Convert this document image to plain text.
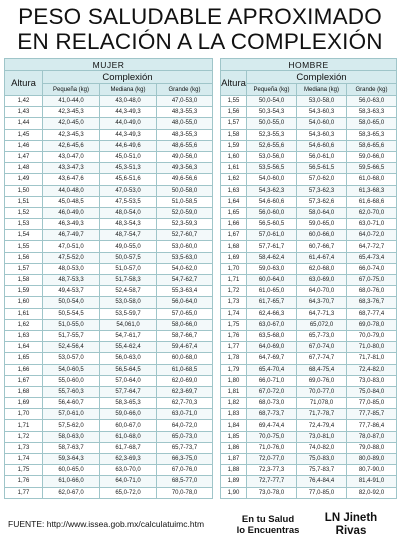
PESO SALUDABLE APROXIMADO
EN RELACIÓN A LA COMPLEXIÓN
MUJER			
Altura	Complexión		
	Pequeña (kg)	Mediana (kg)	Grande (kg)
1,42	41,0-44,0	43,0-48,0	47,0-53,0
1,43	42,3-45,3	44,3-49,3	48,3-55,3
1,44	42,0-45,0	44,0-49,0	48,0-55,0
1,45	42,3-45,3	44,3-49,3	48,3-55,3
1,46	42,6-45,6	44,6-49,6	48,6-55,6
1,47	43,0-47,0	45,0-51,0	49,0-56,0
1,48	43,3-47,3	45,3-51,3	49,3-56,3
1,49	43,6-47,6	45,6-51,6	49,6-56,6
1,50	44,0-48,0	47,0-53,0	50,0-58,0
1,51	45,0-48,5	47,5-53,5	51,0-58,5
1,52	46,0-49,0	48,0-54,0	52,0-59,0
1,53	46,3-49,3	48,3-54,3	52,3-59,3
1,54	46,7-49,7	48,7-54,7	52,7-60,7
1,55	47,0-51,0	49,0-55,0	53,0-60,0
1,56	47,5-52,0	50,0-57,5	53,5-63,0
1,57	48,0-53,0	51,0-57,0	54,0-62,0
1,58	48,7-53,3	51,7-58,3	54,7-62,7
1,59	49,4-53,7	52,4-58,7	55,3-63,4
1,60	50,0-54,0	53,0-58,0	56,0-64,0
1,61	50,5-54,5	53,5-59,7	57,0-65,0
1,62	51,0-55,0	54,061,0	58,0-66,0
1,63	51,7-55,7	54,7-61,7	58,7-66,7
1,64	52,4-56,4	55,4-62,4	59,4-67,4
1,65	53,0-57,0	56,0-63,0	60,0-68,0
1,66	54,0-60,5	56,5-64,5	61,0-68,5
1,67	55,0-60,0	57,0-64,0	62,0-69,0
1,68	55,7-60,3	57,7-64,7	62,3-69,7
1,69	56,4-60,7	58,3-65,3	62,7-70,3
1,70	57,0-61,0	59,0-66,0	63,0-71,0
1,71	57,5-62,0	60,0-67,0	64,0-72,0
1,72	58,0-63,0	61,0-68,0	65,0-73,0
1,73	58,7-63,7	61,7-68,7	65,7-73,7
1,74	59,3-64,3	62,3-69,3	66,3-75,0
1,75	60,0-65,0	63,0-70,0	67,0-76,0
1,76	61,0-66,0	64,0-71,0	68,5-77,0
1,77	62,0-67,0	65,0-72,0	70,0-78,0
HOMBRE			
Altura	Complexión		
	Pequeña (kg)	Mediana (kg)	Grande (kg)
1,55	50,0-54,0	53,0-58,0	56,0-63,0
1,56	50,3-54,3	54,3-60,3	58,3-63,3
1,57	50,0-55,0	54,0-60,0	58,0-65,0
1,58	52,3-55,3	54,3-60,3	58,3-65,3
1,59	52,6-55,6	54,6-60,6	58,6-65,6
1,60	53,0-56,0	56,0-61,0	59,0-66,0
1,61	53,5-56,5	56,5-61,5	59,5-66,5
1,62	54,0-60,0	57,0-62,0	61,0-68,0
1,63	54,3-62,3	57,3-62,3	61,3-68,3
1,64	54,6-60,6	57,3-62,6	61,6-68,6
1,65	56,0-60,0	58,0-64,0	62,0-70,0
1,66	56,5-60,5	59,0-65,0	63,0-71,0
1,67	57,0-61,0	60,0-66,0	64,0-72,0
1,68	57,7-61,7	60,7-66,7	64,7-72,7
1,69	58,4-62,4	61,4-67,4	65,4-73,4
1,70	59,0-63,0	62,0-68,0	66,0-74,0
1,71	60,0-64,0	63,0-69,0	67,0-75,0
1,72	61,0-65,0	64,0-70,0	68,0-76,0
1,73	61,7-65,7	64,3-70,7	68,3-76,7
1,74	62,4-66,3	64,7-71,3	68,7-77,4
1,75	63,0-67,0	65,072,0	69,0-78,0
1,76	63,5-68,0	65,7-73,0	70,0-79,0
1,77	64,0-69,0	67,0-74,0	71,0-80,0
1,78	64,7-69,7	67,7-74,7	71,7-81,0
1,79	65,4-70,4	68,4-75,4	72,4-82,0
1,80	66,0-71,0	69,0-76,0	73,0-83,0
1,81	67,0-72,0	70,0-77,0	75,0-84,0
1,82	68,0-73,0	71,078,0	77,0-85,0
1,83	68,7-73,7	71,7-78,7	77,7-85,7
1,84	69,4-74,4	72,4-79,4	77,7-86,4
1,85	70,0-75,0	73,0-81,0	78,0-87,0
1,86	71,0-76,0	74,0-82,0	79,0-88,0
1,87	72,0-77,0	75,0-83,0	80,0-89,0
1,88	72,3-77,3	75,7-83,7	80,7-90,0
1,89	72,7-77,7	76,4-84,4	81,4-91,0
1,90	73,0-78,0	77,0-85,0	82,0-92,0
FUENTE: http://www.issea.gob.mx/calculatuimc.htm	En tu Salud
lo Encuentras
LN Jineth
Rivas
